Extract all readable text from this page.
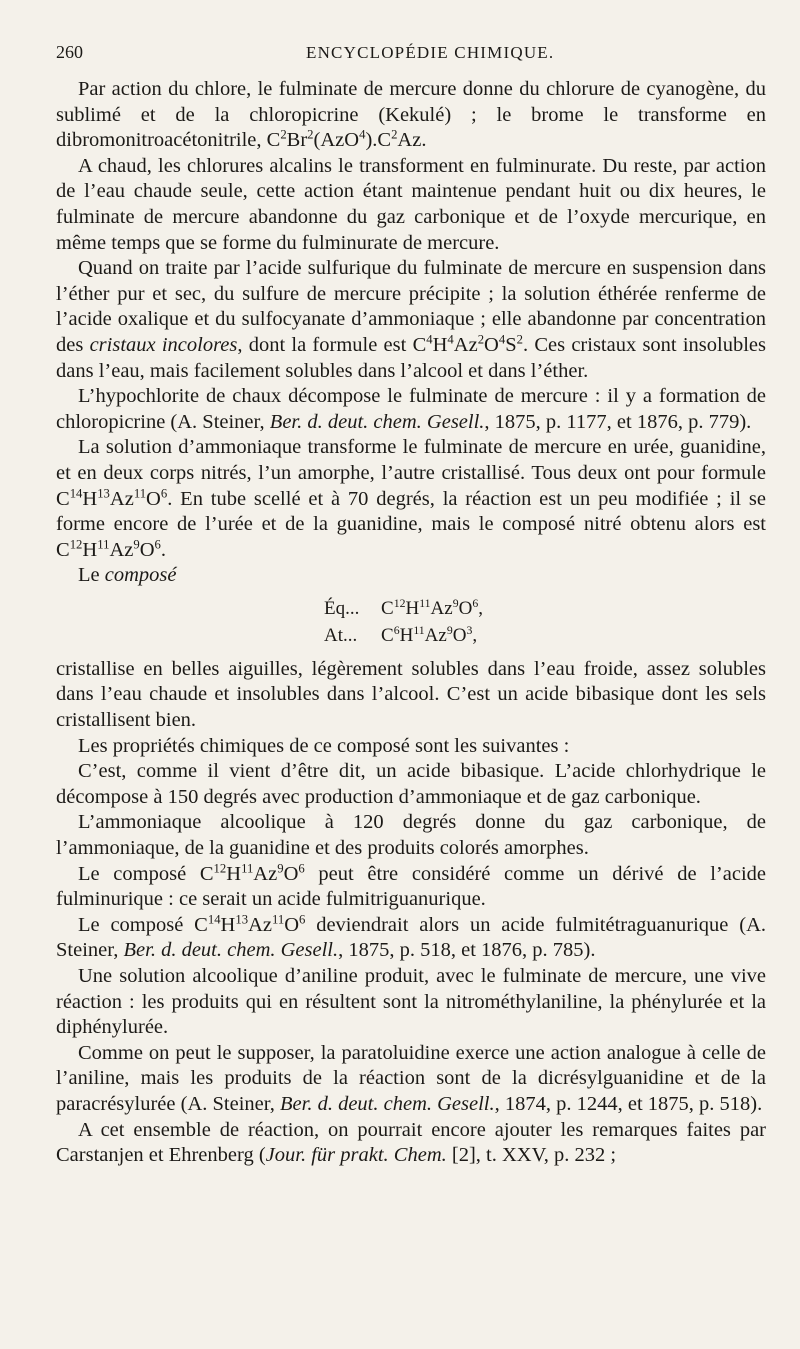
260	ENCYCLOPÉDIE CHIMIQUE.

Par action du chlore, le fulminate de mercure donne du chlorure de cyanogène, du sublimé et de la chloropicrine (Kekulé) ; le brome le transforme en dibromonitroacétonitrile, $C^2Br^2(AzO^4).C^2Az$.

A chaud, les chlorures alcalins le transforment en fulminurate. Du reste, par action de l’eau chaude seule, cette action étant maintenue pendant huit ou dix heures, le fulminate de mercure abandonne du gaz carbonique et de l’oxyde mercurique, en même temps que se forme du fulminurate de mercure.

Quand on traite par l’acide sulfurique du fulminate de mercure en suspension dans l’éther pur et sec, du sulfure de mercure précipite ; la solution éthérée renferme de l’acide oxalique et du sulfocyanate d’ammoniaque ; elle abandonne par concentration des cristaux incolores, dont la formule est $C^4H^4Az^2O^4S^2$. Ces cristaux sont insolubles dans l’eau, mais facilement solubles dans l’alcool et dans l’éther.

L’hypochlorite de chaux décompose le fulminate de mercure : il y a formation de chloropicrine (A. Steiner, Ber. d. deut. chem. Gesell., 1875, p. 1177, et 1876, p. 779).

La solution d’ammoniaque transforme le fulminate de mercure en urée, guanidine, et en deux corps nitrés, l’un amorphe, l’autre cristallisé. Tous deux ont pour formule $C^{14}H^{13}Az^{11}O^6$. En tube scellé et à 70 degrés, la réaction est un peu modifiée ; il se forme encore de l’urée et de la guanidine, mais le composé nitré obtenu alors est $C^{12}H^{11}Az^9O^6$.

Le composé

Éq...	$C^{12}H^{11}Az^9O^6$,
At...	$C^6H^{11}Az^9O^3$,

cristallise en belles aiguilles, légèrement solubles dans l’eau froide, assez solubles dans l’eau chaude et insolubles dans l’alcool. C’est un acide bibasique dont les sels cristallisent bien.

Les propriétés chimiques de ce composé sont les suivantes :

C’est, comme il vient d’être dit, un acide bibasique. L’acide chlorhydrique le décompose à 150 degrés avec production d’ammoniaque et de gaz carbonique.

L’ammoniaque alcoolique à 120 degrés donne du gaz carbonique, de l’ammoniaque, de la guanidine et des produits colorés amorphes.

Le composé $C^{12}H^{11}Az^9O^6$ peut être considéré comme un dérivé de l’acide fulminurique : ce serait un acide fulmitriguanurique.

Le composé $C^{14}H^{13}Az^{11}O^6$ deviendrait alors un acide fulmitétraguanurique (A. Steiner, Ber. d. deut. chem. Gesell., 1875, p. 518, et 1876, p. 785).

Une solution alcoolique d’aniline produit, avec le fulminate de mercure, une vive réaction : les produits qui en résultent sont la nitrométhylaniline, la phénylurée et la diphénylurée.

Comme on peut le supposer, la paratoluidine exerce une action analogue à celle de l’aniline, mais les produits de la réaction sont de la dicrésylguanidine et de la paracrésylurée (A. Steiner, Ber. d. deut. chem. Gesell., 1874, p. 1244, et 1875, p. 518).

A cet ensemble de réaction, on pourrait encore ajouter les remarques faites par Carstanjen et Ehrenberg (Jour. für prakt. Chem. [2], t. XXV, p. 232 ;
